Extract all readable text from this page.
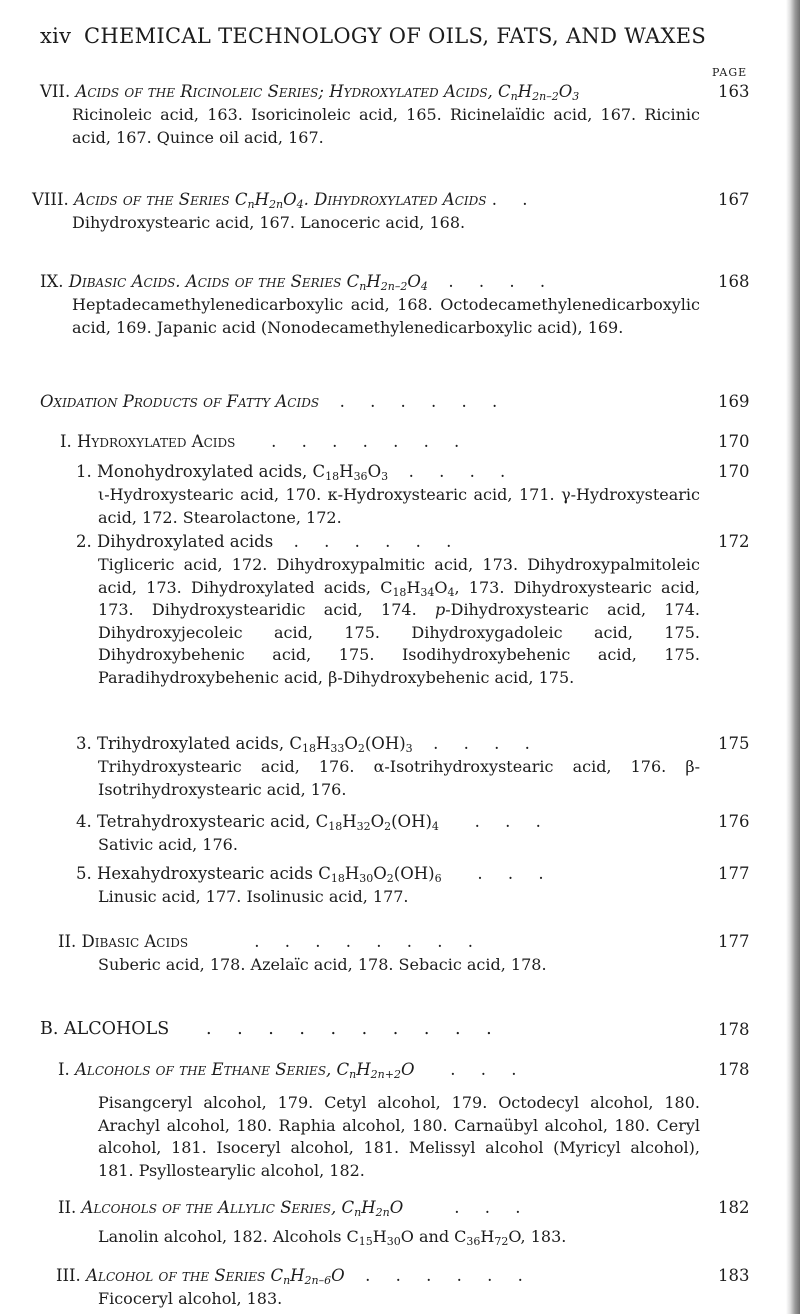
xiv CHEMICAL TECHNOLOGY OF OILS, FATS, AND WAXES
PAGE
VII. Acids of the Ricinoleic Series; Hydroxylated Acids, $C_nH_{2n-2}O_3$	163
Ricinoleic acid, 163. Isoricinoleic acid, 165. Ricinelaïdic acid, 167. Ricinic acid, 167. Quince oil acid, 167.
VIII. Acids of the Series $C_nH_{2n}O_4$. Dihydroxylated Acids . .	167
Dihydroxystearic acid, 167. Lanoceric acid, 168.
IX. Dibasic Acids. Acids of the Series $C_nH_{2n-2}O_4$  . . . .	168
Heptadecamethylenedicarboxylic acid, 168. Octodecamethylenedicarboxylic acid, 169. Japanic acid (Nonodecamethylenedicarboxylic acid), 169.
Oxidation Products of Fatty Acids  . . . . . .	169
I. Hydroxylated Acids   . . . . . . .	170
1. Monohydroxylated acids, $C_{18}H_{36}O_3$  . . . .	170
ι-Hydroxystearic acid, 170. κ-Hydroxystearic acid, 171. γ-Hydroxystearic acid, 172. Stearolactone, 172.
2. Dihydroxylated acids  . . . . . .	172
Tigliceric acid, 172. Dihydroxypalmitic acid, 173. Dihydroxypalmitoleic acid, 173. Dihydroxylated acids, $C_{18}H_{34}O_4$, 173. Dihydroxystearic acid, 173. Dihydroxystearidic acid, 174. p-Dihydroxystearic acid, 174. Dihydroxyjecoleic acid, 175. Dihydroxygadoleic acid, 175. Dihydroxybehenic acid, 175. Isodihydroxybehenic acid, 175. Paradihydroxybehenic acid, β-Dihydroxybehenic acid, 175.
3. Trihydroxylated acids, $C_{18}H_{33}O_2(OH)_3$  . . . .	175
Trihydroxystearic acid, 176. α-Isotrihydroxystearic acid, 176. β-Isotrihydroxystearic acid, 176.
4. Tetrahydroxystearic acid, $C_{18}H_{32}O_2(OH)_4$   . . .	176
Sativic acid, 176.
5. Hexahydroxystearic acids $C_{18}H_{30}O_2(OH)_6$   . . .	177
Linusic acid, 177. Isolinusic acid, 177.
II. Dibasic Acids     . . . . . . . .	177
Suberic acid, 178. Azelaïc acid, 178. Sebacic acid, 178.
B. ALCOHOLS   . . . . . . . . . .	178
I. Alcohols of the Ethane Series, $C_nH_{2n+2}O$   . . .	178
Pisangceryl alcohol, 179. Cetyl alcohol, 179. Octodecyl alcohol, 180. Arachyl alcohol, 180. Raphia alcohol, 180. Carnaübyl alcohol, 180. Ceryl alcohol, 181. Isoceryl alcohol, 181. Melissyl alcohol (Myricyl alcohol), 181. Psyllostearylic alcohol, 182.
II. Alcohols of the Allylic Series, $C_nH_{2n}O$    . . .	182
Lanolin alcohol, 182. Alcohols $C_{15}H_{30}O$ and $C_{36}H_{72}O$, 183.
III. Alcohol of the Series $C_nH_{2n-6}O$  . . . . . .	183
Ficoceryl alcohol, 183.
